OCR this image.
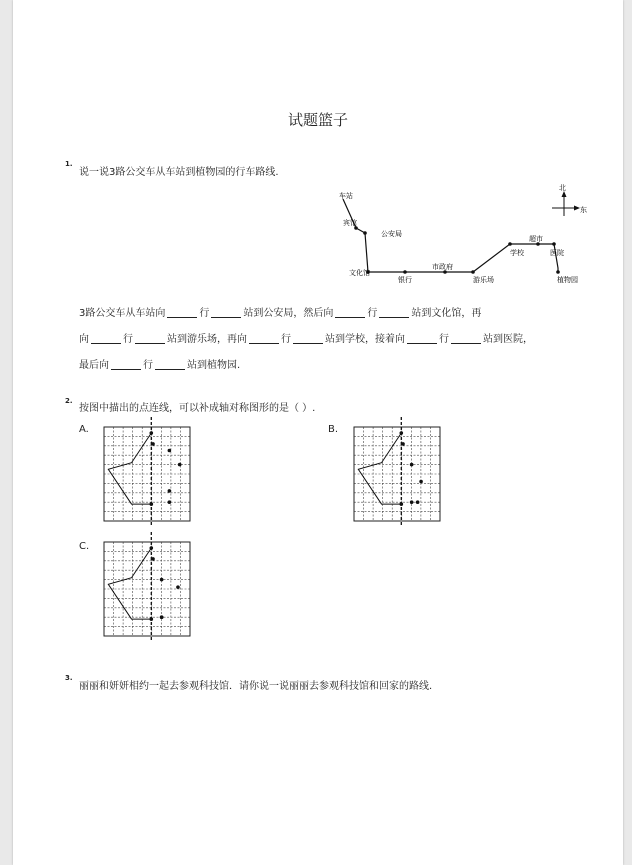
试题篮子
1.
说一说3路公交车从车站到植物园的行车路线.
车站
宾馆
公安局
文化馆
银行
市政府
游乐场
学校
超市
医院
植物园
北
东
3路公交车从车站向	行	站到公安局，然后向	行	站到文化馆，再
向	行	站到游乐场，再向	行	站到学校，接着向	行	站到医院，
最后向	行	站到植物园.
2.
按图中描出的点连线，可以补成轴对称图形的是（ ）.
A.	B.
C.
3.
丽丽和妍妍相约一起去参观科技馆．请你说一说丽丽去参观科技馆和回家的路线.
